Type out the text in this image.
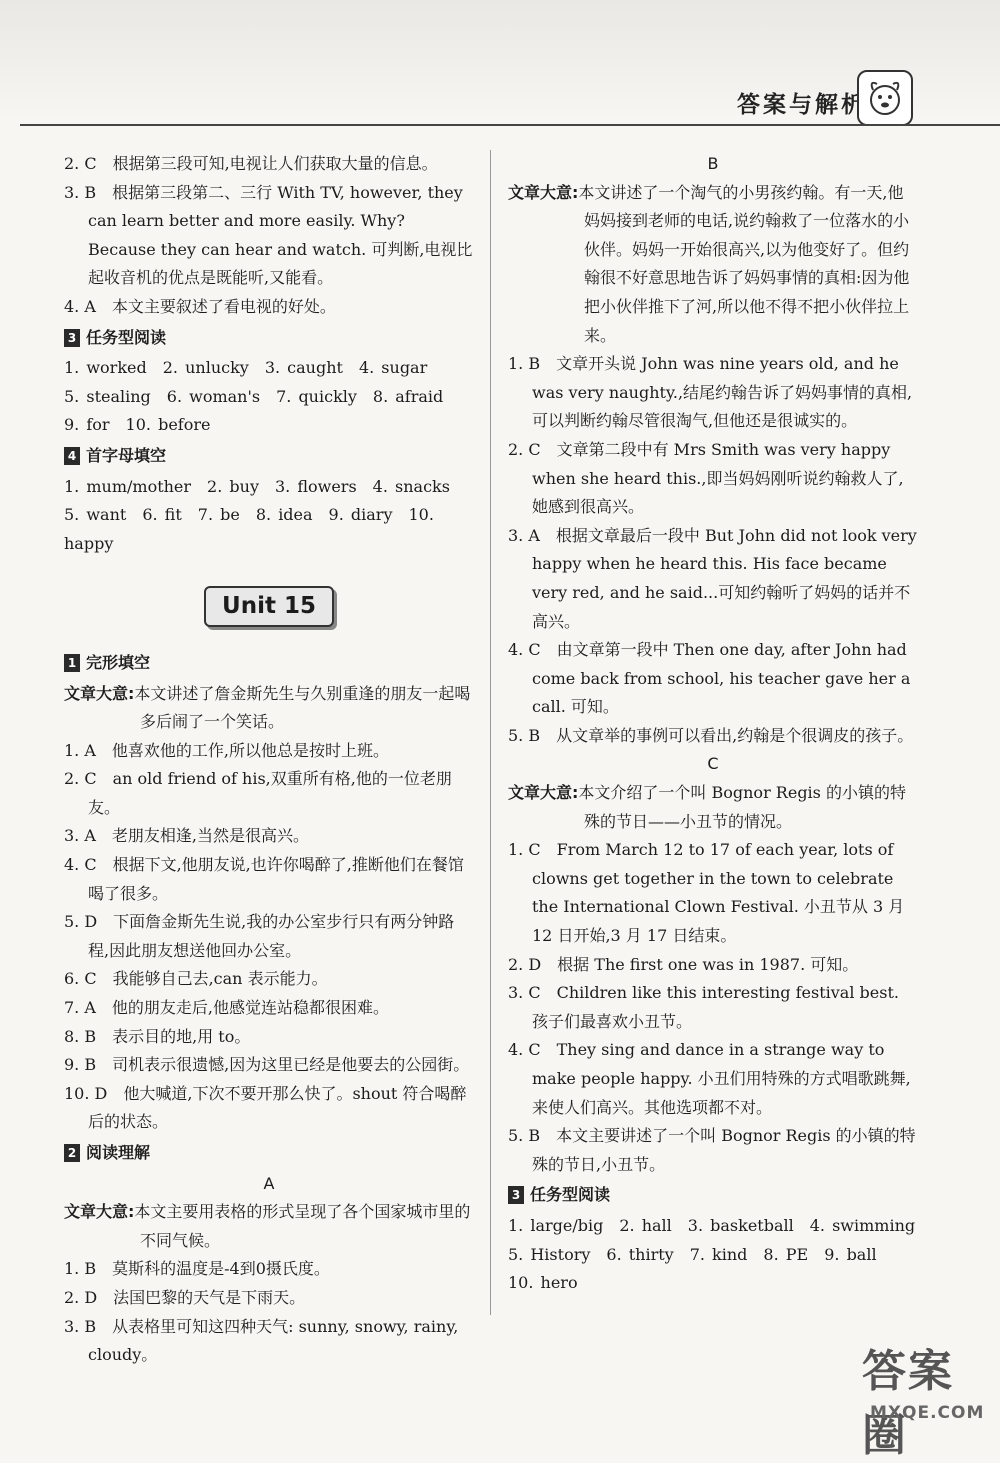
答案与解析

2. C　根据第三段可知,电视让人们获取大量的信息。

3. B　根据第三段第二、三行 With TV, however, they can learn better and more easily. Why? Because they can hear and watch. 可判断,电视比起收音机的优点是既能听,又能看。

4. A　本文主要叙述了看电视的好处。

3 任务型阅读

1. worked　2. unlucky　3. caught　4. sugar

5. stealing　6. woman's　7. quickly　8. afraid

9. for　10. before

4 首字母填空

1. mum/mother　2. buy　3. flowers　4. snacks

5. want　6. fit　7. be　8. idea　9. diary　10. happy

Unit 15
1 完形填空

文章大意:本文讲述了詹金斯先生与久别重逢的朋友一起喝多后闹了一个笑话。

1. A　他喜欢他的工作,所以他总是按时上班。

2. C　an old friend of his,双重所有格,他的一位老朋友。

3. A　老朋友相逢,当然是很高兴。

4. C　根据下文,他朋友说,也许你喝醉了,推断他们在餐馆喝了很多。

5. D　下面詹金斯先生说,我的办公室步行只有两分钟路程,因此朋友想送他回办公室。

6. C　我能够自己去,can 表示能力。

7. A　他的朋友走后,他感觉连站稳都很困难。

8. B　表示目的地,用 to。

9. B　司机表示很遗憾,因为这里已经是他要去的公园街。

10. D　他大喊道,下次不要开那么快了。shout 符合喝醉后的状态。

2 阅读理解

A

文章大意:本文主要用表格的形式呈现了各个国家城市里的不同气候。

1. B　莫斯科的温度是-4到0摄氏度。

2. D　法国巴黎的天气是下雨天。

3. B　从表格里可知这四种天气: sunny, snowy, rainy, cloudy。

B

文章大意:本文讲述了一个淘气的小男孩约翰。有一天,他妈妈接到老师的电话,说约翰救了一位落水的小伙伴。妈妈一开始很高兴,以为他变好了。但约翰很不好意思地告诉了妈妈事情的真相:因为他把小伙伴推下了河,所以他不得不把小伙伴拉上来。

1. B　文章开头说 John was nine years old, and he was very naughty.,结尾约翰告诉了妈妈事情的真相,可以判断约翰尽管很淘气,但他还是很诚实的。

2. C　文章第二段中有 Mrs Smith was very happy when she heard this.,即当妈妈刚听说约翰救人了,她感到很高兴。

3. A　根据文章最后一段中 But John did not look very happy when he heard this. His face became very red, and he said...可知约翰听了妈妈的话并不高兴。

4. C　由文章第一段中 Then one day, after John had come back from school, his teacher gave her a call. 可知。

5. B　从文章举的事例可以看出,约翰是个很调皮的孩子。

C

文章大意:本文介绍了一个叫 Bognor Regis 的小镇的特殊的节日——小丑节的情况。

1. C　From March 12 to 17 of each year, lots of clowns get together in the town to celebrate the International Clown Festival. 小丑节从 3 月 12 日开始,3 月 17 日结束。

2. D　根据 The first one was in 1987. 可知。

3. C　Children like this interesting festival best. 孩子们最喜欢小丑节。

4. C　They sing and dance in a strange way to make people happy. 小丑们用特殊的方式唱歌跳舞,来使人们高兴。其他选项都不对。

5. B　本文主要讲述了一个叫 Bognor Regis 的小镇的特殊的节日,小丑节。

3 任务型阅读

1. large/big　2. hall　3. basketball　4. swimming

5. History　6. thirty　7. kind　8. PE　9. ball

10. hero

答案圈
MXQE.COM
